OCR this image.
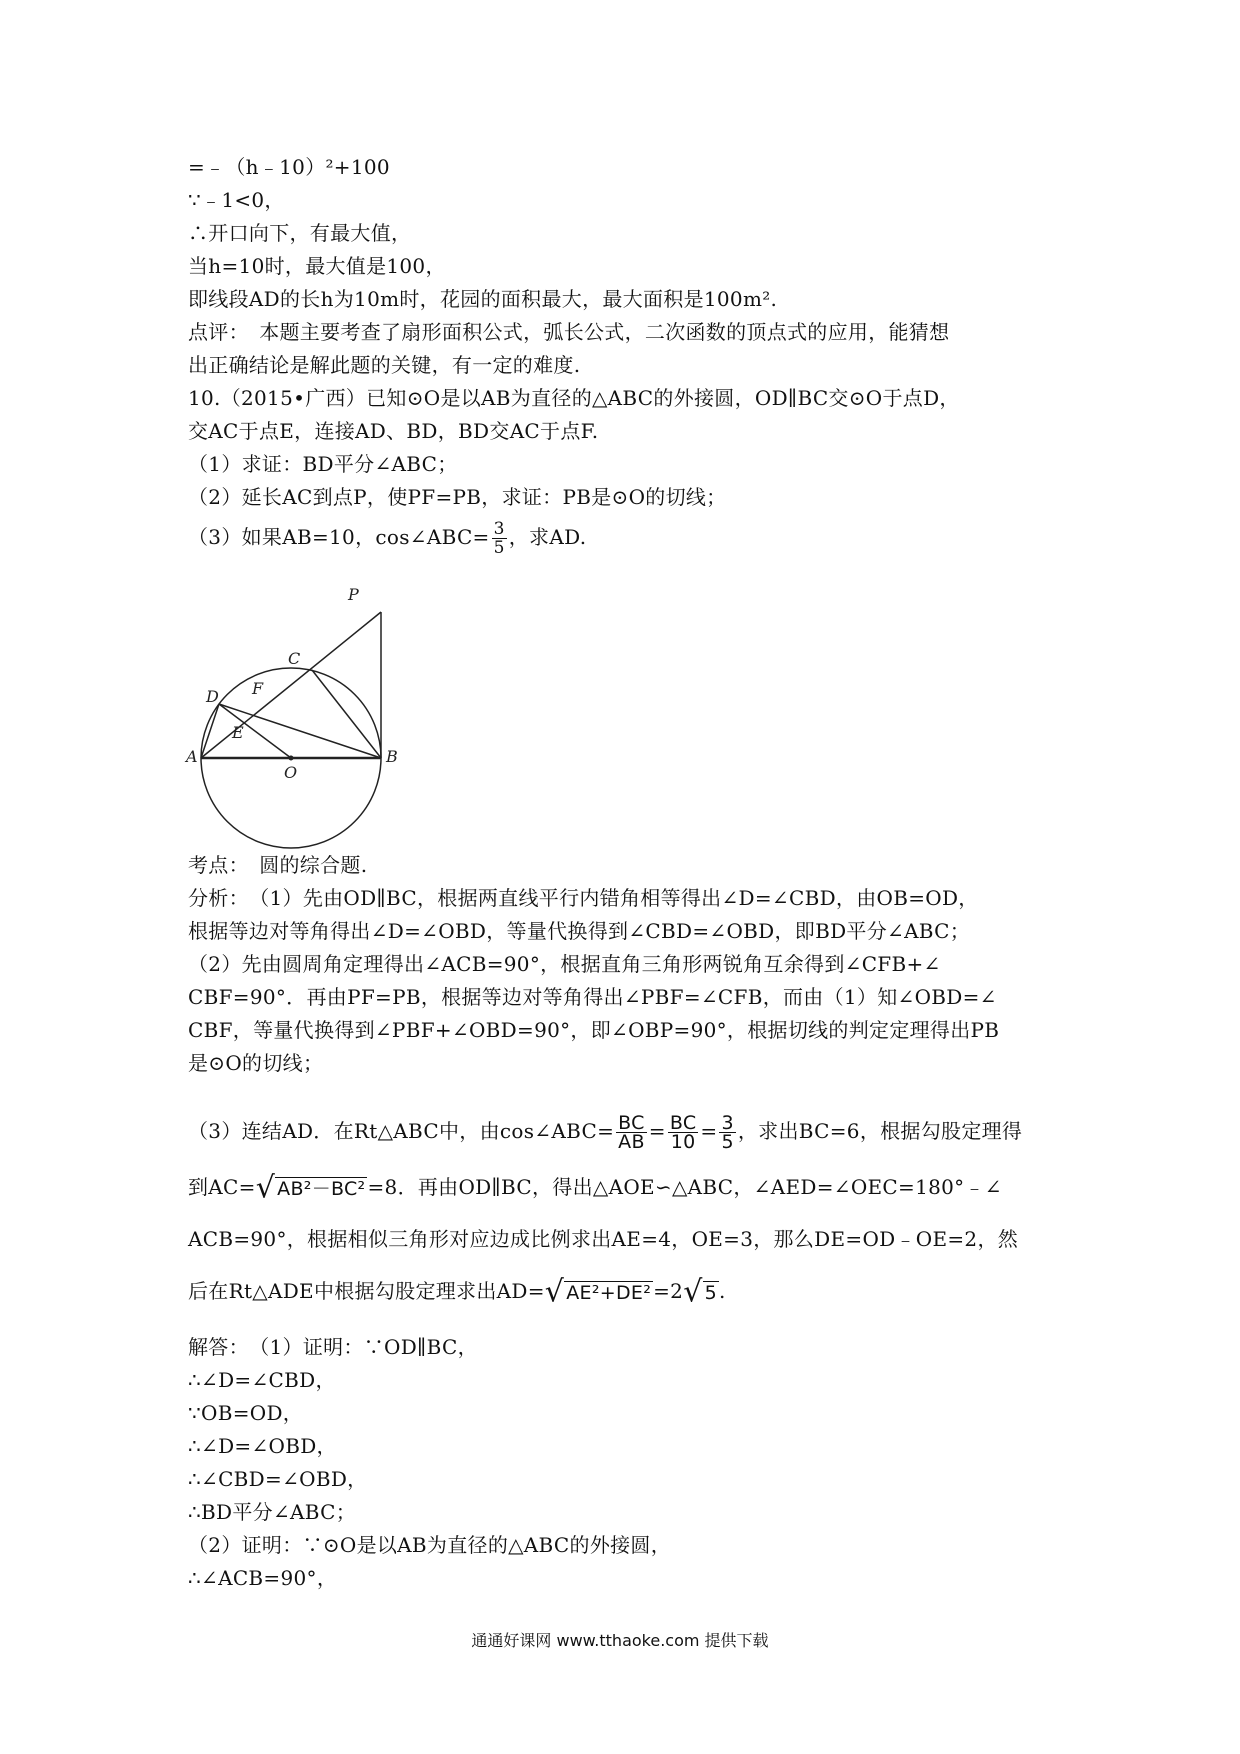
=﹣（h﹣10）²+100
∵﹣1<0，
∴开口向下，有最大值，
当h=10时，最大值是100，
即线段AD的长h为10m时，花园的面积最大，最大面积是100m².
点评：　本题主要考查了扇形面积公式，弧长公式，二次函数的顶点式的应用，能猜想
出正确结论是解此题的关键，有一定的难度.
10.（2015•广西）已知⊙O是以AB为直径的△ABC的外接圆，OD∥BC交⊙O于点D，
交AC于点E，连接AD、BD，BD交AC于点F.
（1）求证：BD平分∠ABC；
（2）延长AC到点P，使PF=PB，求证：PB是⊙O的切线；
（3）如果AB=10，cos∠ABC= $\frac{3}{5}$ ，求AD.
P
C
D F
E
A
O
B
考点：　圆的综合题.
分析：　（1）先由OD∥BC，根据两直线平行内错角相等得出∠D=∠CBD，由OB=OD，
根据等边对等角得出∠D=∠OBD，等量代换得到∠CBD=∠OBD，即BD平分∠ABC；
（2）先由圆周角定理得出∠ACB=90°，根据直角三角形两锐角互余得到∠CFB+∠
CBF=90°．再由PF=PB，根据等边对等角得出∠PBF=∠CFB，而由（1）知∠OBD=∠
CBF，等量代换得到∠PBF+∠OBD=90°，即∠OBP=90°，根据切线的判定定理得出PB
是⊙O的切线；
（3）连结AD．在Rt△ABC中，由cos∠ABC= $\frac{BC}{AB} = \frac{BC}{10} = \frac{3}{5}$ ，求出BC=6，根据勾股定理得
到AC=√ AB²－BC² =8．再由OD∥BC，得出△AOE∽△ABC，∠AED=∠OEC=180°﹣∠
ACB=90°，根据相似三角形对应边成比例求出AE=4，OE=3，那么DE=OD﹣OE=2，然
后在Rt△ADE中根据勾股定理求出AD=√ AE²+DE² =2√ 5 .
解答：　（1）证明：∵OD∥BC，
∴∠D=∠CBD，
∵OB=OD，
∴∠D=∠OBD，
∴∠CBD=∠OBD，
∴BD平分∠ABC；
（2）证明：∵⊙O是以AB为直径的△ABC的外接圆，
∴∠ACB=90°，
通通好课网 www.tthaoke.com 提供下载
